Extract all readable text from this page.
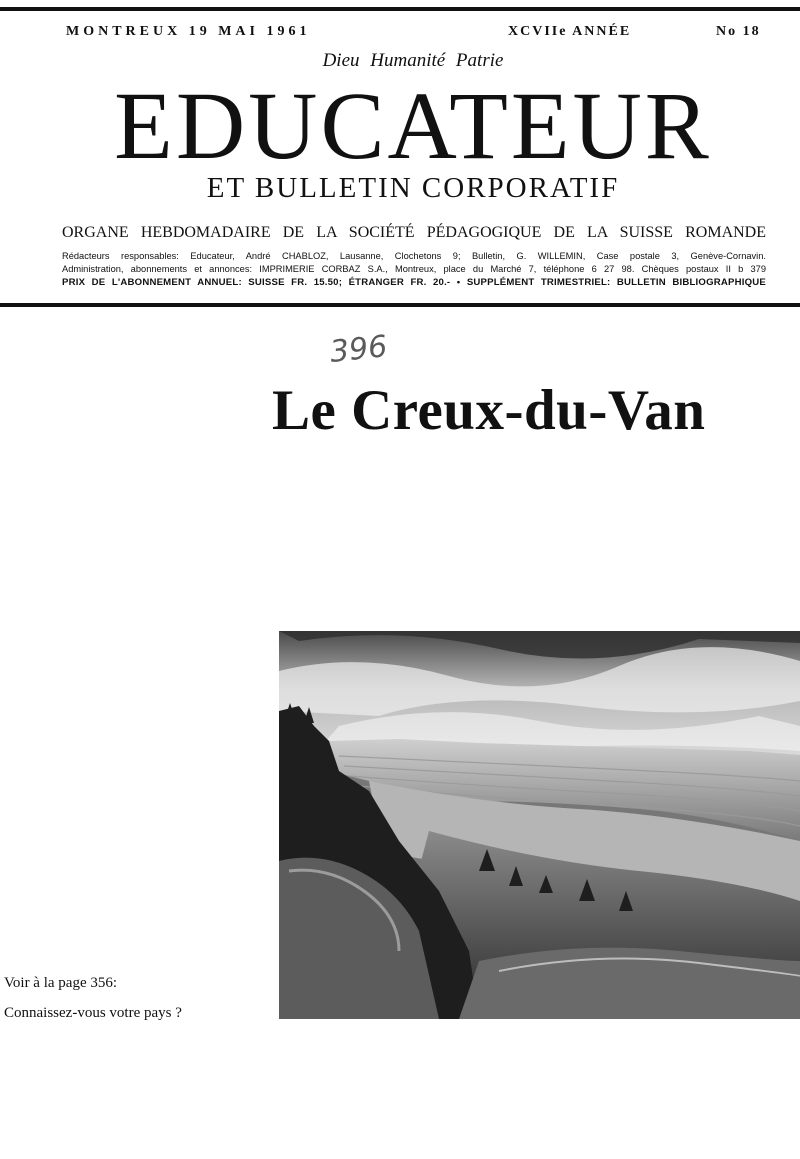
MONTREUX 19 MAI 1961	XCVIIe ANNÉE	No 18
Dieu Humanité Patrie
EDUCATEUR
ET BULLETIN CORPORATIF
ORGANE HEBDOMADAIRE DE LA SOCIÉTÉ PÉDAGOGIQUE DE LA SUISSE ROMANDE
Rédacteurs responsables: Educateur, André CHABLOZ, Lausanne, Clochetons 9; Bulletin, G. WILLEMIN, Case postale 3, Genève-Cornavin.
Administration, abonnements et annonces: IMPRIMERIE CORBAZ S.A., Montreux, place du Marché 7, téléphone 6 27 98. Chèques postaux II b 379
PRIX DE L'ABONNEMENT ANNUEL: SUISSE FR. 15.50; ÉTRANGER FR. 20.- • SUPPLÉMENT TRIMESTRIEL: BULLETIN BIBLIOGRAPHIQUE
396
Le Creux-du-Van
Voir à la page 356:
Connaissez-vous votre pays ?
